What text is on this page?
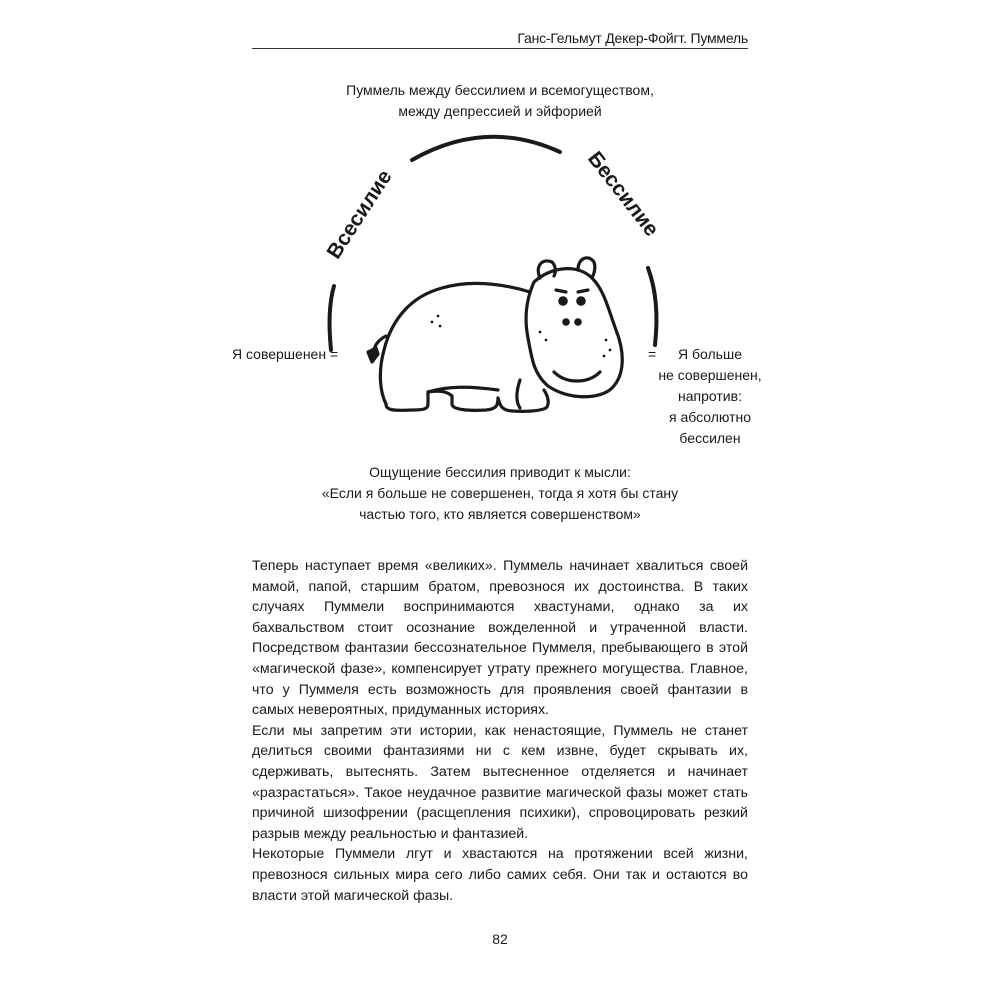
Ганс-Гельмут Декер-Фойгт. Пуммель
Пуммель между бессилием и всемогуществом,
между депрессией и эйфорией
Всесилие	Бессилие
Я совершенен =	=	Я больше
не совершенен,
напротив:
я абсолютно
бессилен
Ощущение бессилия приводит к мысли:
«Если я больше не совершенен, тогда я хотя бы стану
частью того, кто является совершенством»

Теперь наступает время «великих». Пуммель начинает хвалиться своей мамой, папой, старшим братом, превознося их достоинства. В таких случаях Пуммели воспринимаются хвастунами, однако за их бахвальством стоит осознание вожделенной и утраченной власти. Посредством фантазии бессознательное Пуммеля, пребывающего в этой «магической фазе», компенсирует утрату прежнего могущества. Главное, что у Пуммеля есть возможность для проявления своей фантазии в самых невероятных, придуманных историях.

Если мы запретим эти истории, как ненастоящие, Пуммель не станет делиться своими фантазиями ни с кем извне, будет скрывать их, сдерживать, вытеснять. Затем вытесненное отделяется и начинает «разрастаться». Такое неудачное развитие магической фазы может стать причиной шизофрении (расщепления психики), спровоцировать резкий разрыв между реальностью и фантазией.

Некоторые Пуммели лгут и хвастаются на протяжении всей жизни, превознося сильных мира сего либо самих себя. Они так и остаются во власти этой магической фазы.

82
